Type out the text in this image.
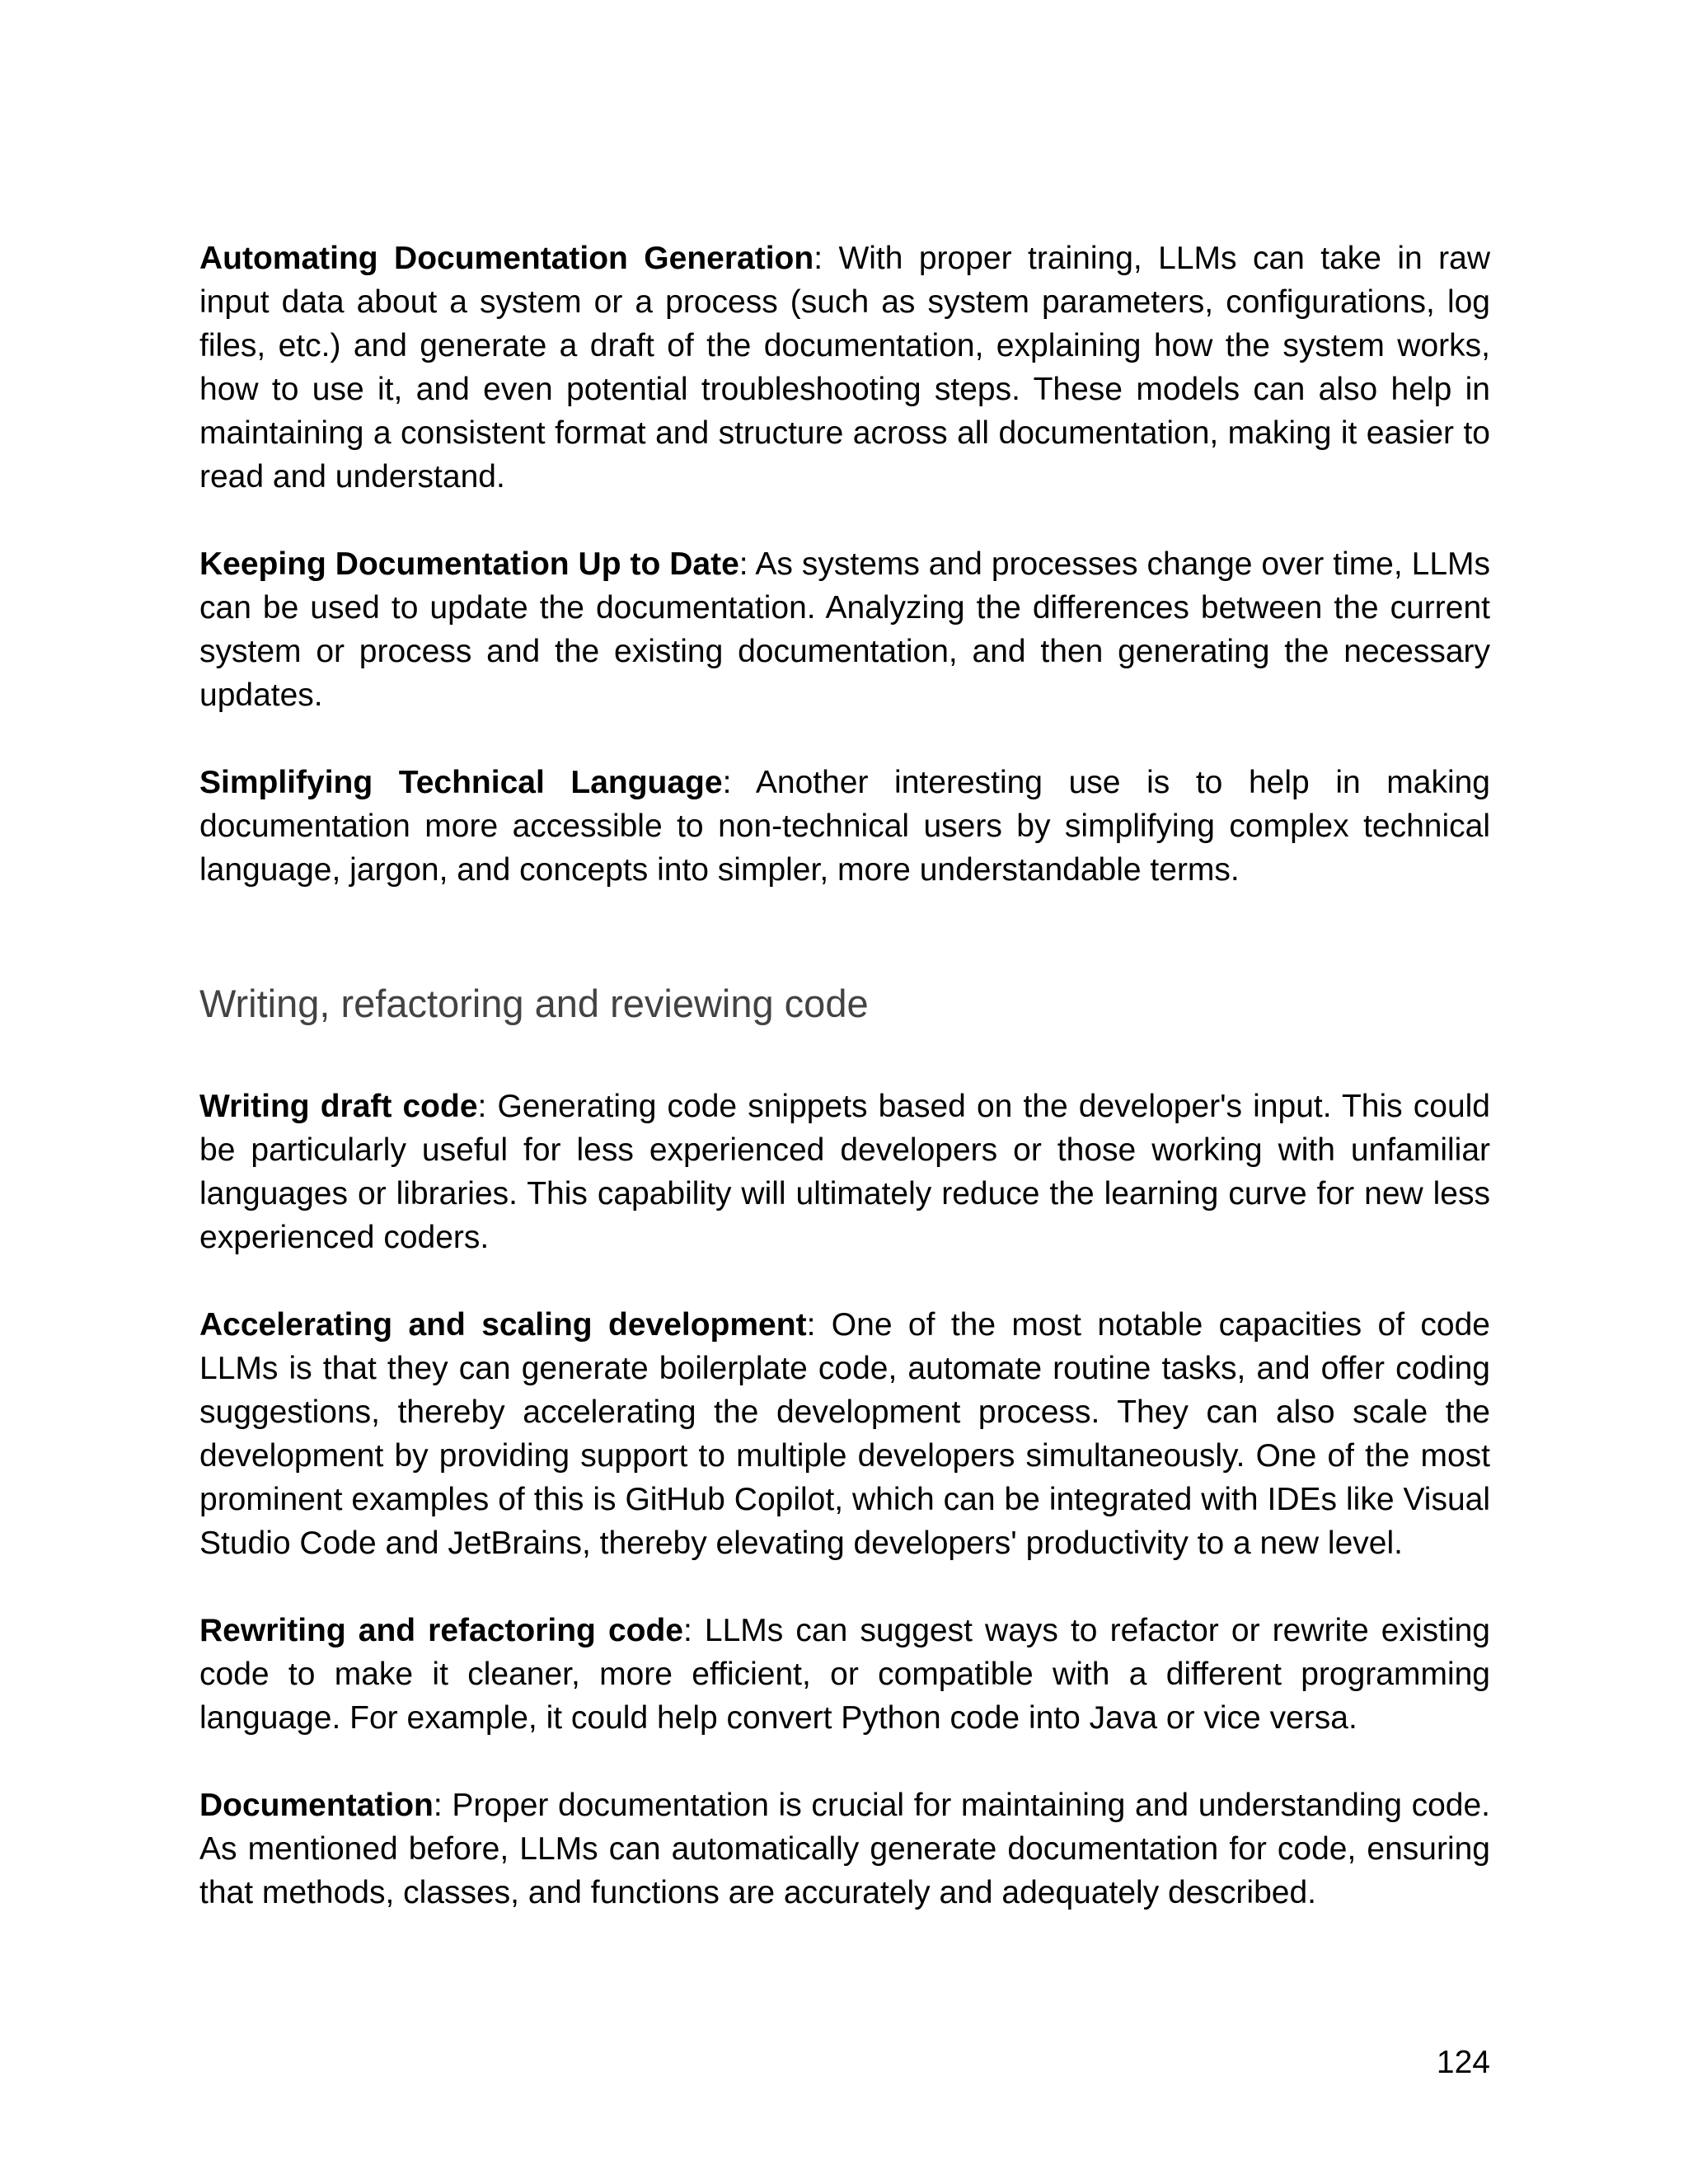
Automating Documentation Generation: With proper training, LLMs can take in raw input data about a system or a process (such as system parameters, configurations, log files, etc.) and generate a draft of the documentation, explaining how the system works, how to use it, and even potential troubleshooting steps. These models can also help in maintaining a consistent format and structure across all documentation, making it easier to read and understand.

Keeping Documentation Up to Date: As systems and processes change over time, LLMs can be used to update the documentation. Analyzing the differences between the current system or process and the existing documentation, and then generating the necessary updates.

Simplifying Technical Language: Another interesting use is to help in making documentation more accessible to non-technical users by simplifying complex technical language, jargon, and concepts into simpler, more understandable terms.

Writing, refactoring and reviewing code

Writing draft code: Generating code snippets based on the developer's input. This could be particularly useful for less experienced developers or those working with unfamiliar languages or libraries. This capability will ultimately reduce the learning curve for new less experienced coders.

Accelerating and scaling development: One of the most notable capacities of code LLMs is that they can generate boilerplate code, automate routine tasks, and offer coding suggestions, thereby accelerating the development process. They can also scale the development by providing support to multiple developers simultaneously. One of the most prominent examples of this is GitHub Copilot, which can be integrated with IDEs like Visual Studio Code and JetBrains, thereby elevating developers' productivity to a new level.

Rewriting and refactoring code: LLMs can suggest ways to refactor or rewrite existing code to make it cleaner, more efficient, or compatible with a different programming language. For example, it could help convert Python code into Java or vice versa.

Documentation: Proper documentation is crucial for maintaining and understanding code. As mentioned before, LLMs can automatically generate documentation for code, ensuring that methods, classes, and functions are accurately and adequately described.

124
